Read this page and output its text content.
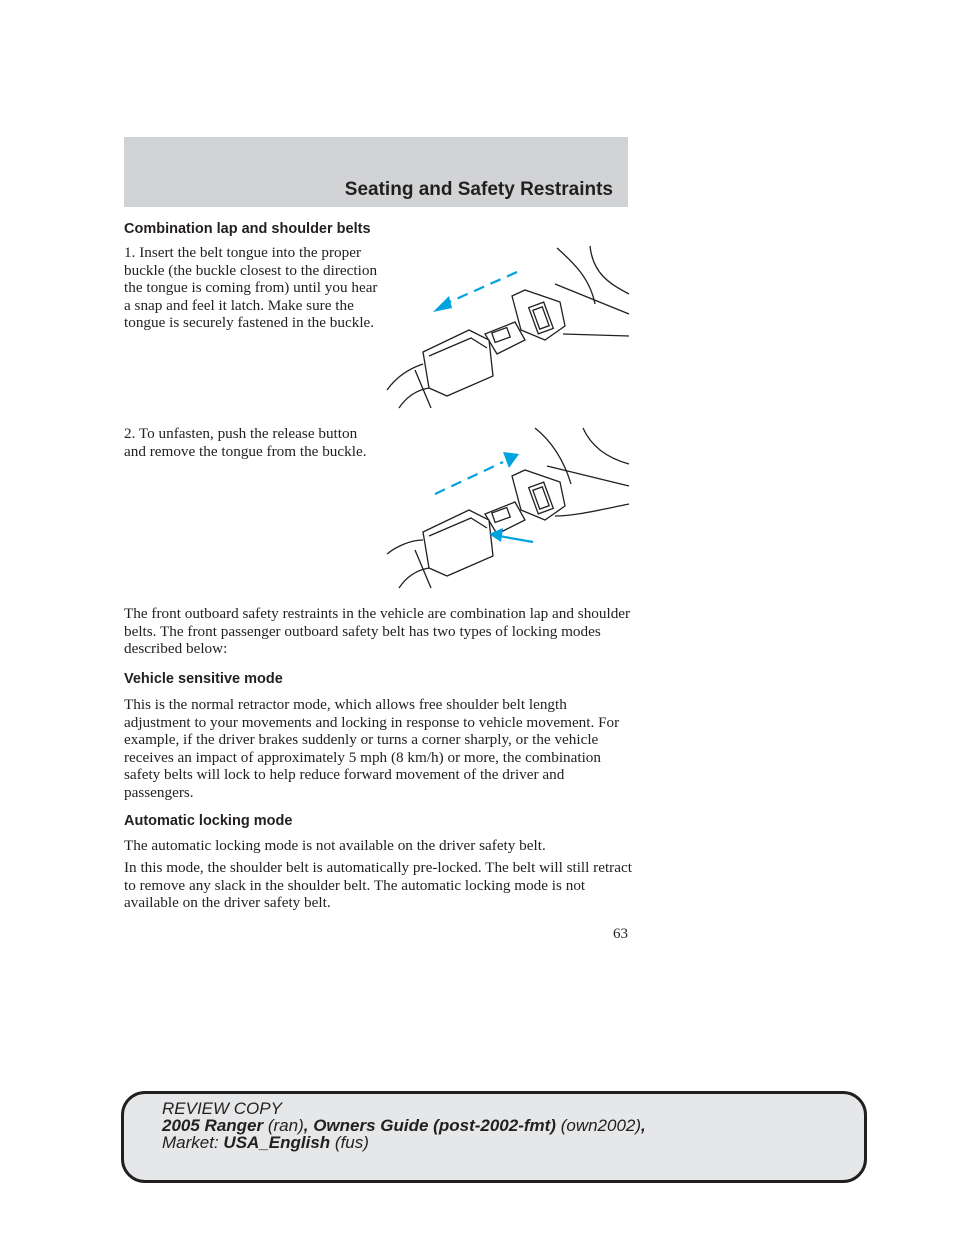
Seating and Safety Restraints
Combination lap and shoulder belts

1. Insert the belt tongue into the proper buckle (the buckle closest to the direction the tongue is coming from) until you hear a snap and feel it latch. Make sure the tongue is securely fastened in the buckle.

2. To unfasten, push the release button and remove the tongue from the buckle.

The front outboard safety restraints in the vehicle are combination lap and shoulder belts. The front passenger outboard safety belt has two types of locking modes described below:

Vehicle sensitive mode

This is the normal retractor mode, which allows free shoulder belt length adjustment to your movements and locking in response to vehicle movement. For example, if the driver brakes suddenly or turns a corner sharply, or the vehicle receives an impact of approximately 5 mph (8 km/h) or more, the combination safety belts will lock to help reduce forward movement of the driver and passengers.

Automatic locking mode

The automatic locking mode is not available on the driver safety belt.

In this mode, the shoulder belt is automatically pre-locked. The belt will still retract to remove any slack in the shoulder belt. The automatic locking mode is not available on the driver safety belt.

63
REVIEW COPY
2005 Ranger (ran), Owners Guide (post-2002-fmt) (own2002),
Market: USA_English (fus)
